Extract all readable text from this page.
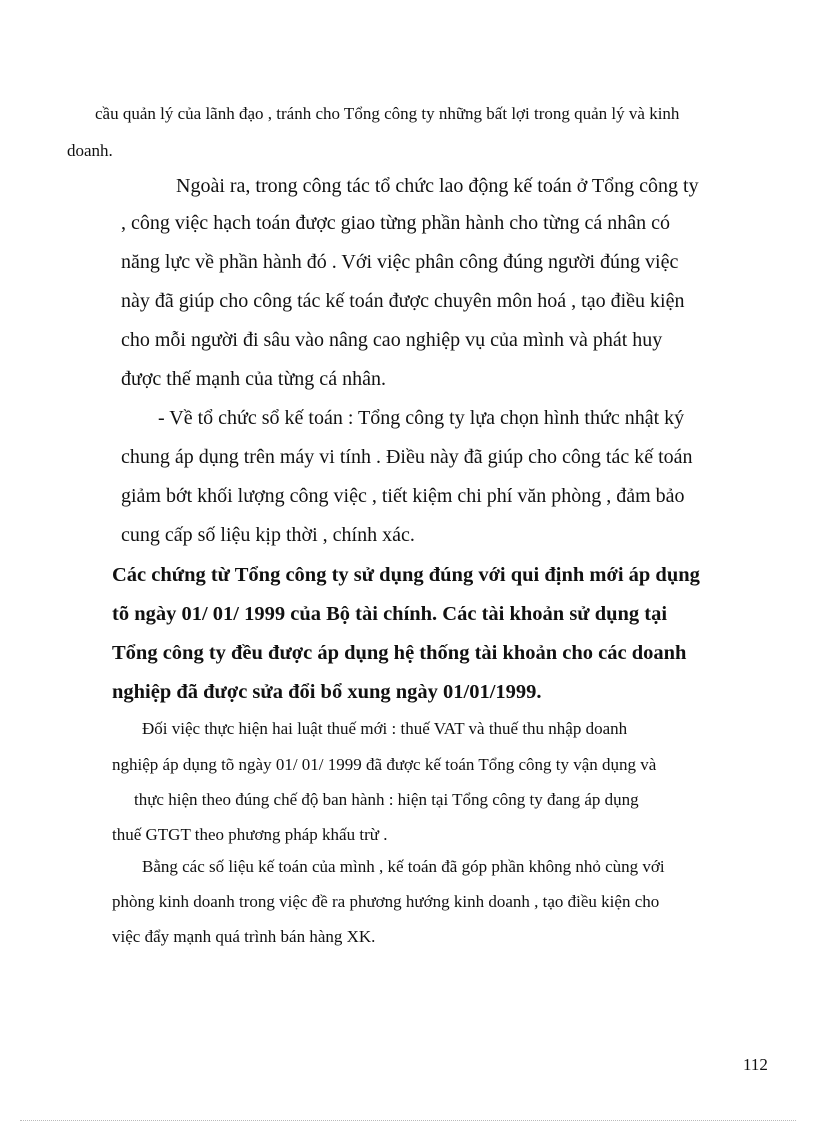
cầu quản lý của lãnh đạo , tránh cho Tổng công ty những bất lợi trong quản lý và kinh

doanh.

Ngoài ra, trong công tác tổ chức lao động kế toán ở Tổng công ty

, công việc hạch toán được giao từng phần hành cho từng cá nhân có

năng lực về phần hành đó . Với việc phân công đúng người đúng việc

này đã giúp cho công tác kế toán được chuyên môn hoá , tạo điều kiện

cho mỗi người đi sâu vào nâng cao nghiệp vụ của mình và phát huy

được thế mạnh của từng cá nhân.

- Về tổ chức sổ kế toán : Tổng công ty lựa chọn hình thức nhật ký

chung áp dụng trên máy vi tính . Điều này đã giúp cho công tác kế toán

giảm bớt khối lượng công việc , tiết kiệm chi phí văn phòng , đảm bảo

cung cấp số liệu kịp thời , chính xác.

Các chứng từ Tổng công ty sử dụng đúng với qui định mới áp dụng

tõ ngày 01/ 01/ 1999 của Bộ tài chính. Các tài khoản sử dụng tại

Tổng công ty đều được áp dụng hệ thống tài khoản cho các doanh

nghiệp đã được sửa đổi bổ xung ngày 01/01/1999.

Đối việc thực hiện hai luật thuế mới : thuế VAT và thuế thu nhập doanh

nghiệp áp dụng tõ ngày 01/ 01/ 1999 đã được kế toán Tổng công ty vận dụng và

thực hiện theo đúng chế độ ban hành : hiện tại Tổng công ty đang áp dụng

thuế GTGT theo phương pháp khấu trừ .

Bằng các số liệu kế toán của mình , kế toán đã góp phần không nhỏ cùng với

phòng kinh doanh trong việc đề ra phương hướng kinh doanh , tạo điều kiện cho

việc đẩy mạnh quá trình bán hàng XK.

112
